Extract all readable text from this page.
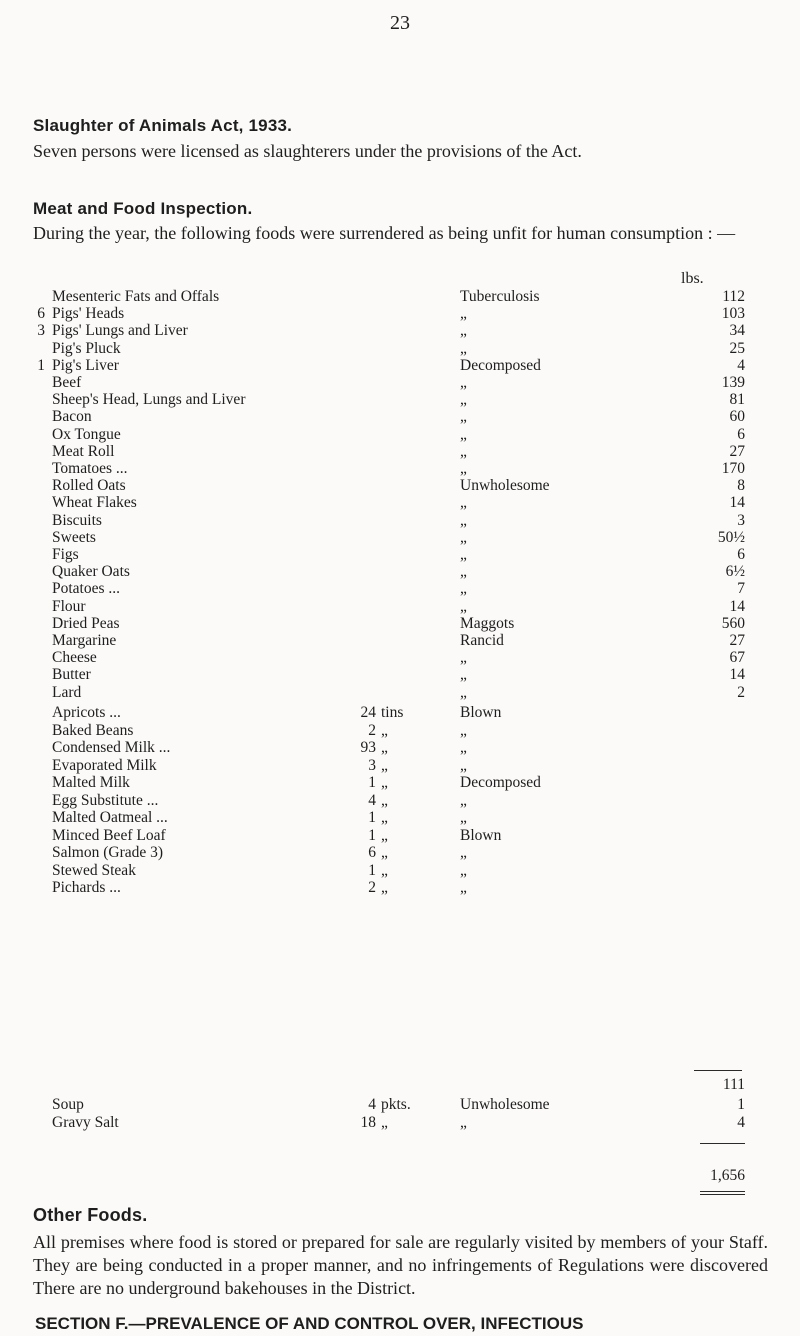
23
Slaughter of Animals Act, 1933.
Seven persons were licensed as slaughterers under the provisions of the Act.
Meat and Food Inspection.
During the year, the following foods were surrendered as being unfit for human consumption : —
lbs.
Mesenteric Fats and Offals	Tuberculosis	112
6 Pigs' Heads	„	103
3 Pigs' Lungs and Liver	„	34
Pig's Pluck	„	25
1 Pig's Liver	Decomposed	4
Beef	„	139
Sheep's Head, Lungs and Liver	„	81
Bacon	„	60
Ox Tongue	„	6
Meat Roll	„	27
Tomatoes ...	„	170
Rolled Oats	Unwholesome	8
Wheat Flakes	„	14
Biscuits	„	3
Sweets	„	50½
Figs	„	6
Quaker Oats	„	6½
Potatoes ...	„	7
Flour	„	14
Dried Peas	Maggots	560
Margarine	Rancid	27
Cheese	„	67
Butter	„	14
Lard	„	2
Apricots ...	24 tins	Blown
Baked Beans	2 „	„
Condensed Milk ...	93 „	„
Evaporated Milk	3 „	„
Malted Milk	1 „	Decomposed
Egg Substitute ...	4 „	„
Malted Oatmeal ...	1 „	„
Minced Beef Loaf	1 „	Blown
Salmon (Grade 3)	6 „	„
Stewed Steak	1 „	„
Pichards ...	2 „	„
111
Soup	4 pkts.	Unwholesome	1
Gravy Salt	18 „	„	4
1,656
Other Foods.
All premises where food is stored or prepared for sale are regularly visited by members of your Staff. They are being conducted in a proper manner, and no infringements of Regulations were discovered There are no underground bakehouses in the District.
SECTION F.—PREVALENCE OF AND CONTROL OVER, INFECTIOUS
